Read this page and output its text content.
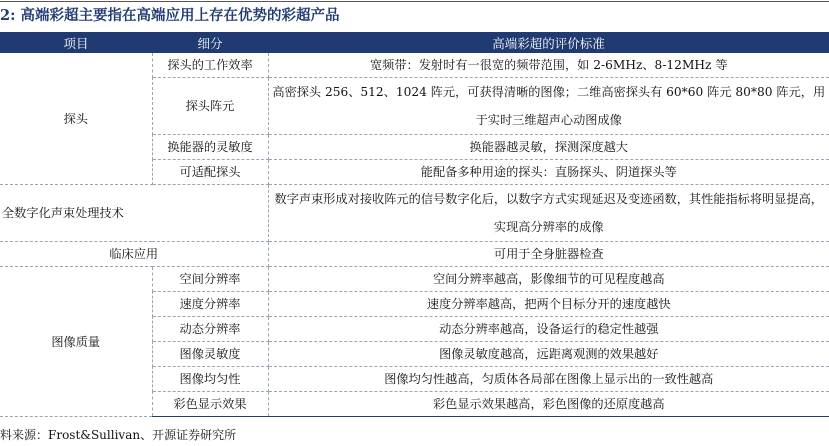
2: 高端彩超主要指在高端应用上存在优势的彩超产品
项目	细分	高端彩超的评价标准
探头	探头的工作效率	宽频带：发射时有一很宽的频带范围，如 2-6MHz、8-12MHz 等
	探头阵元	高密探头 256、512、1024 阵元，可获得清晰的图像；二维高密探头有 60*60 阵元 80*80 阵元，用于实时三维超声心动图成像
	换能器的灵敏度	换能器越灵敏，探测深度越大
	可适配探头	能配备多种用途的探头：直肠探头、阴道探头等
全数字化声束处理技术		数字声束形成对接收阵元的信号数字化后，以数字方式实现延迟及变迹函数，其性能指标将明显提高，实现高分辨率的成像
临床应用		可用于全身脏器检查
图像质量	空间分辨率	空间分辨率越高，影像细节的可见程度越高
	速度分辨率	速度分辨率越高，把两个目标分开的速度越快
	动态分辨率	动态分辨率越高，设备运行的稳定性越强
	图像灵敏度	图像灵敏度越高，远距离观测的效果越好
	图像均匀性	图像均匀性越高，匀质体各局部在图像上显示出的一致性越高
	彩色显示效果	彩色显示效果越高，彩色图像的还原度越高
料来源：Frost&Sullivan、开源证券研究所
